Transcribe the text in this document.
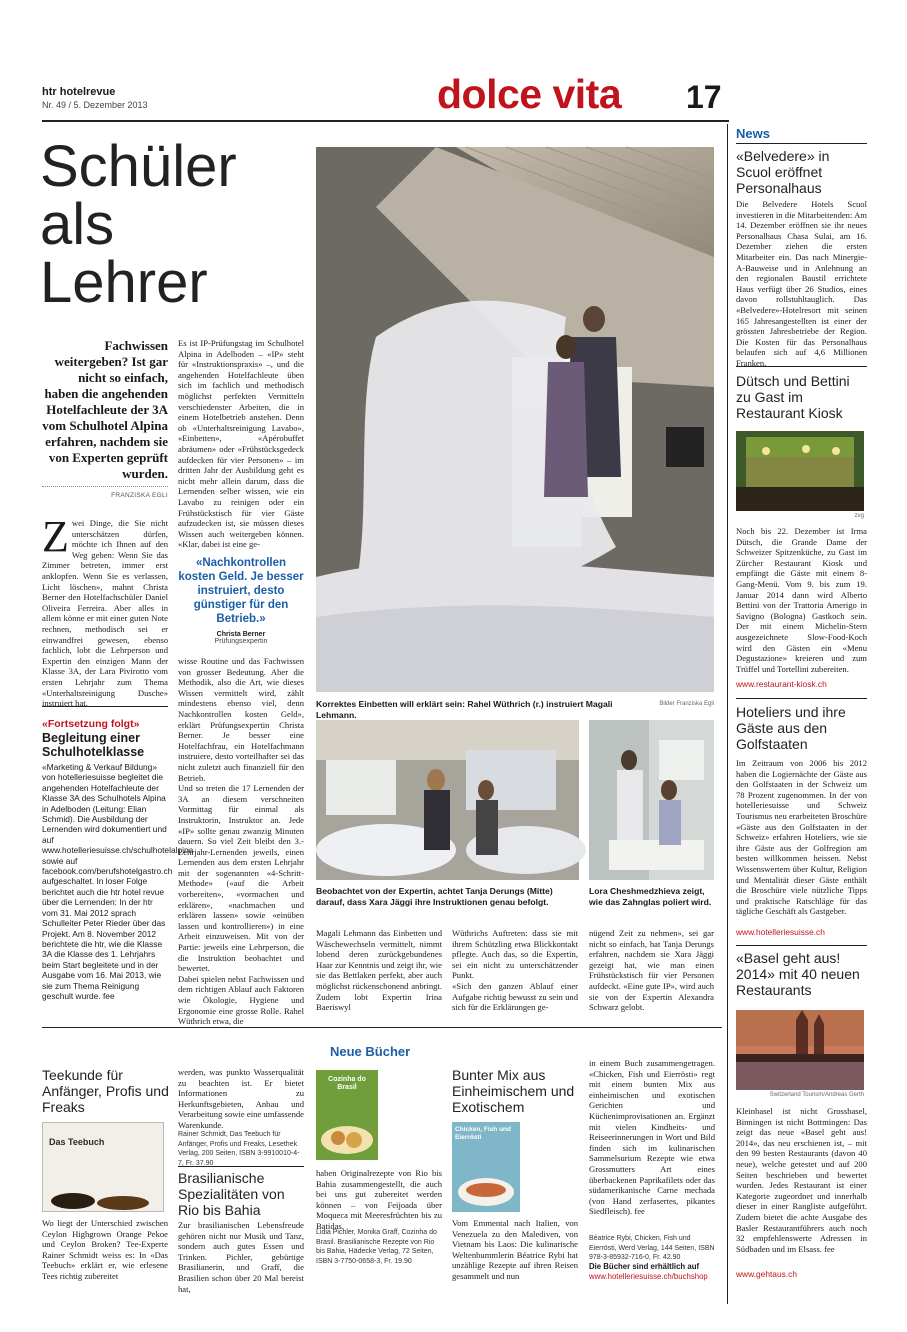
htr hotelrevue
Nr. 49 / 5. Dezember 2013	dolce vita 17
Schüler
als
Lehrer
Fachwissen weitergeben? Ist gar nicht so einfach, haben die angehenden Hotelfachleute der 3A vom Schulhotel Alpina erfahren, nachdem sie von Experten geprüft wurden.
FRANZISKA EGLI
Z wei Dinge, die Sie nicht unterschätzen dürfen, möchte ich Ihnen auf den Weg geben: Wenn Sie das Zimmer betreten, immer erst anklopfen. Wenn Sie es verlassen, Licht löschen», mahnt Christa Berner den Hotelfachschüler Daniel Oliveira Ferreira. Aber alles in allem könne er mit einer guten Note rechnen, methodisch sei er einwandfrei gewesen, ebenso fachlich, lobt die Lehrperson und Expertin den einzigen Mann der Klasse 3A, der Lara Pivirotto vom ersten Lehrjahr zum Thema «Unterhaltsreinigung Dusche» instruiert hat.
«Fortsetzung folgt»
Begleitung einer Schulhotelklasse
«Marketing & Verkauf Bildung» von hotelleriesuisse begleitet die angehenden Hotelfachleute der Klasse 3A des Schulhotels Alpina in Adelboden (Leitung: Elian Schmid). Die Ausbildung der Lernenden wird dokumentiert und auf www.hotelleriesuisse.ch/schulhotelalpina sowie auf facebook.com/berufshotelgastro.ch aufgeschaltet. In loser Folge berichtet auch die htr hotel revue über die Lernenden: In der htr vom 31. Mai 2012 sprach Schulleiter Peter Rieder über das Projekt. Am 8. November 2012 berichtete die htr, wie die Klasse 3A die Klasse des 1. Lehrjahrs beim Start begleitete und in der Ausgabe vom 16. Mai 2013, wie sie zum Thema Reinigung geschult wurde. fee
Es ist IP-Prüfungstag im Schulhotel Alpina in Adelboden – «IP» steht für «Instruktionspraxis» –, und die angehenden Hotelfachleute üben sich im fachlich und methodisch möglichst perfekten Vermitteln verschiedenster Arbeiten, die in einem Hotelbetrieb anstehen. Denn ob «Unterhaltsreinigung Lavabo», «Einbetten», «Apérobuffet abräumen» oder «Frühstücksgedeck aufdecken für vier Personen» – im dritten Jahr der Ausbildung geht es nicht mehr allein darum, dass die Lernenden selber wissen, wie ein Lavabo zu reinigen oder ein Frühstückstisch für vier Gäste aufzudecken ist, sie müssen dieses Wissen auch weitergeben können. «Klar, dabei ist eine ge-
«Nachkontrollen kosten Geld. Je besser instruiert, desto günstiger für den Betrieb.»
Christa Berner
Prüfungsexpertin
wisse Routine und das Fachwissen von grosser Bedeutung. Aber die Methodik, also die Art, wie dieses Wissen vermittelt wird, zählt mindestens ebenso viel, denn Nachkontrollen kosten Geld», erklärt Prüfungsexpertin Christa Berner. Je besser eine Hotelfachfrau, ein Hotelfachmann instruiere, desto vorteilhafter sei das nicht zuletzt auch finanziell für den Betrieb.
Und so treten die 17 Lernenden der 3A an diesem verschneiten Vormittag für einmal als Instruktorin, Instruktor an. Jede «IP» sollte genau zwanzig Minuten dauern. So viel Zeit bleibt den 3.-Lehrjahr-Lernenden jeweils, einen Lernenden aus dem ersten Lehrjahr mit der sogenannten «4-Schritt-Methode» («auf die Arbeit vorbereiten», «vormachen und erklären», «nachmachen und erklären lassen» sowie «einüben lassen und kontrollieren») in eine Arbeit einzuweisen. Mit von der Partie: jeweils eine Lehrperson, die die Instruktion beobachtet und bewertet.
Dabei spielen nebst Fachwissen und dem richtigen Ablauf auch Faktoren wie Ökologie, Hygiene und Ergonomie eine grosse Rolle. Rahel Wüthrich etwa, die
Korrektes Einbetten will erklärt sein: Rahel Wüthrich (r.) instruiert Magali Lehmann.
Bilder Franziska Egli
Beobachtet von der Expertin, achtet Tanja Derungs (Mitte) darauf, dass Xara Jäggi ihre Instruktionen genau befolgt.
Lora Cheshmedzhieva zeigt, wie das Zahnglas poliert wird.
Magali Lehmann das Einbetten und Wäschewechseln vermittelt, nimmt lobend deren zurückgebundenes Haar zur Kenntnis und zeigt ihr, wie sie das Bettlaken perfekt, aber auch möglichst rückenschonend anbringt. Zudem lobt Expertin Irina Baeriswyl
Wüthrichs Auftreten: dass sie mit ihrem Schützling etwa Blickkontakt pflegte. Auch das, so die Expertin, sei ein nicht zu unterschätzender Punkt.
«Sich den ganzen Ablauf einer Aufgabe richtig bewusst zu sein und sich für die Erklärungen ge-
nügend Zeit zu nehmen», sei gar nicht so einfach, hat Tanja Derungs erfahren, nachdem sie Xara Jäggi gezeigt hat, wie man einen Frühstückstisch für vier Personen aufdeckt. «Eine gute IP», wird auch sie von der Expertin Alexandra Schwarz gelobt.
News
«Belvedere» in Scuol eröffnet Personalhaus
Die Belvedere Hotels Scuol investieren in die Mitarbeitenden: Am 14. Dezember eröffnen sie ihr neues Personalhaus Chasa Sulai, am 16. Dezember ziehen die ersten Mitarbeiter ein. Das nach Minergie-A-Bauweise und in Anlehnung an den regionalen Baustil errichtete Haus verfügt über 26 Studios, eines davon rollstuhltauglich. Das «Belvedere»-Hotelresort mit seinen 165 Jahresangestellten ist einer der grössten Jahresbetriebe der Region. Die Kosten für das Personalhaus belaufen sich auf 4,6 Millionen Franken.
Dütsch und Bettini zu Gast im Restaurant Kiosk
zvg
Noch bis 22. Dezember ist Irma Dütsch, die Grande Dame der Schweizer Spitzenküche, zu Gast im Zürcher Restaurant Kiosk und empfängt die Gäste mit einem 8-Gang-Menü. Vom 9. bis zum 19. Januar 2014 dann wird Alberto Bettini von der Trattoria Amerigo in Savigno (Bologna) Gastkoch sein. Der mit einem Michelin-Stern ausgezeichnete Slow-Food-Koch wird den Gästen ein «Menu Degustazione» kreieren und zum Trüffel und Tortellini zubereiten.
www.restaurant-kiosk.ch
Hoteliers und ihre Gäste aus den Golfstaaten
Im Zeitraum von 2006 bis 2012 haben die Logiernächte der Gäste aus den Golfstaaten in der Schweiz um 78 Prozent zugenommen. In der von hotelleriesuisse und Schweiz Tourismus neu erarbeiteten Broschüre «Gäste aus den Golfstaaten in der Schweiz» erfahren Hoteliers, wie sie ihre Gäste aus der Golfregion am besten willkommen heissen. Nebst Wissenswertem über Kultur, Religion und Mentalität dieser Gäste enthält die Broschüre viele nützliche Tipps und praktische Ratschläge für das tägliche Geschäft als Gastgeber.
www.hotelleriesuisse.ch
«Basel geht aus! 2014» mit 40 neuen Restaurants
Switzerland Tourism/Andreas Gerth
Kleinbasel ist nicht Grossbasel, Binningen ist nicht Bottmingen: Das zeigt das neue «Basel geht aus! 2014», das neu erschienen ist, – mit den 99 besten Restaurants (davon 40 neue), welche getestet und auf 200 Seiten beschrieben und bewertet wurden. Jedes Restaurant ist einer Kategorie zugeordnet und innerhalb dieser in einer Rangliste aufgeführt. Zudem bietet die achte Ausgabe des Basler Restaurantführers auch noch 32 empfehlenswerte Adressen in Südbaden und im Elsass. fee
www.gehtaus.ch
Neue Bücher
Teekunde für Anfänger, Profis und Freaks
Das Teebuch
Wo liegt der Unterschied zwischen Ceylon Highgrown Orange Pekoe und Ceylon Broken? Tee-Experte Rainer Schmidt weiss es: In «Das Teebuch» erklärt er, wie erlesene Tees richtig zubereitet
werden, was punkto Wasserqualität zu beachten ist. Er bietet Informationen zu Herkunftsgebieten, Anbau und Verarbeitung sowie eine umfassende Warenkunde.
Rainer Schmidt, Das Teebuch für Anfänger, Profis und Freaks, Lesethek Verlag, 200 Seiten, ISBN 3-9910010-4-7, Fr. 37.90
Brasilianische Spezialitäten von Rio bis Bahia
Zur brasilianischen Lebensfreude gehören nicht nur Musik und Tanz, sondern auch gutes Essen und Trinken. Pichler, gebürtige Brasilianerin, und Graff, die Brasilien schon über 20 Mal bereist hat,
Cozinha do Brasil
haben Originalrezepte von Rio bis Bahia zusammengestellt, die auch bei uns gut zubereitet werden können – von Feijoada über Moqueca mit Meeresfrüchten bis zu Batidas.
Lidia Pichler, Monika Graff, Cozinha do Brasil. Brasilianische Rezepte von Rio bis Bahia, Hädecke Verlag, 72 Seiten, ISBN 3-7750-0658-3, Fr. 19.90
Bunter Mix aus Einheimischem und Exotischem
Chicken, Fish und Eierrösti
Vom Emmental nach Italien, von Venezuela zu den Malediven, von Vietnam bis Laos: Die kulinarische Weltenbummlerin Béatrice Rybi hat unzählige Rezepte auf ihren Reisen gesammelt und nun
in einem Buch zusammengetragen. «Chicken, Fish und Eierrösti» regt mit einem bunten Mix aus einheimischen und exotischen Gerichten und Küchenimprovisationen an. Ergänzt mit vielen Kindheits- und Reiseerinnerungen in Wort und Bild finden sich im kulinarischen Sammelsurium Rezepte wie etwa Grossmutters Art eines überbackenen Paprikafilets oder das südamerikanische Carne mechada (von Hand zerfasertes, pikantes Siedfleisch). fee
Béatrice Rybi, Chicken, Fish und Eierrösti, Werd Verlag, 144 Seiten, ISBN 978-3-85932-716-0, Fr. 42.90
Die Bücher sind erhältlich auf
www.hotelleriesuisse.ch/buchshop
